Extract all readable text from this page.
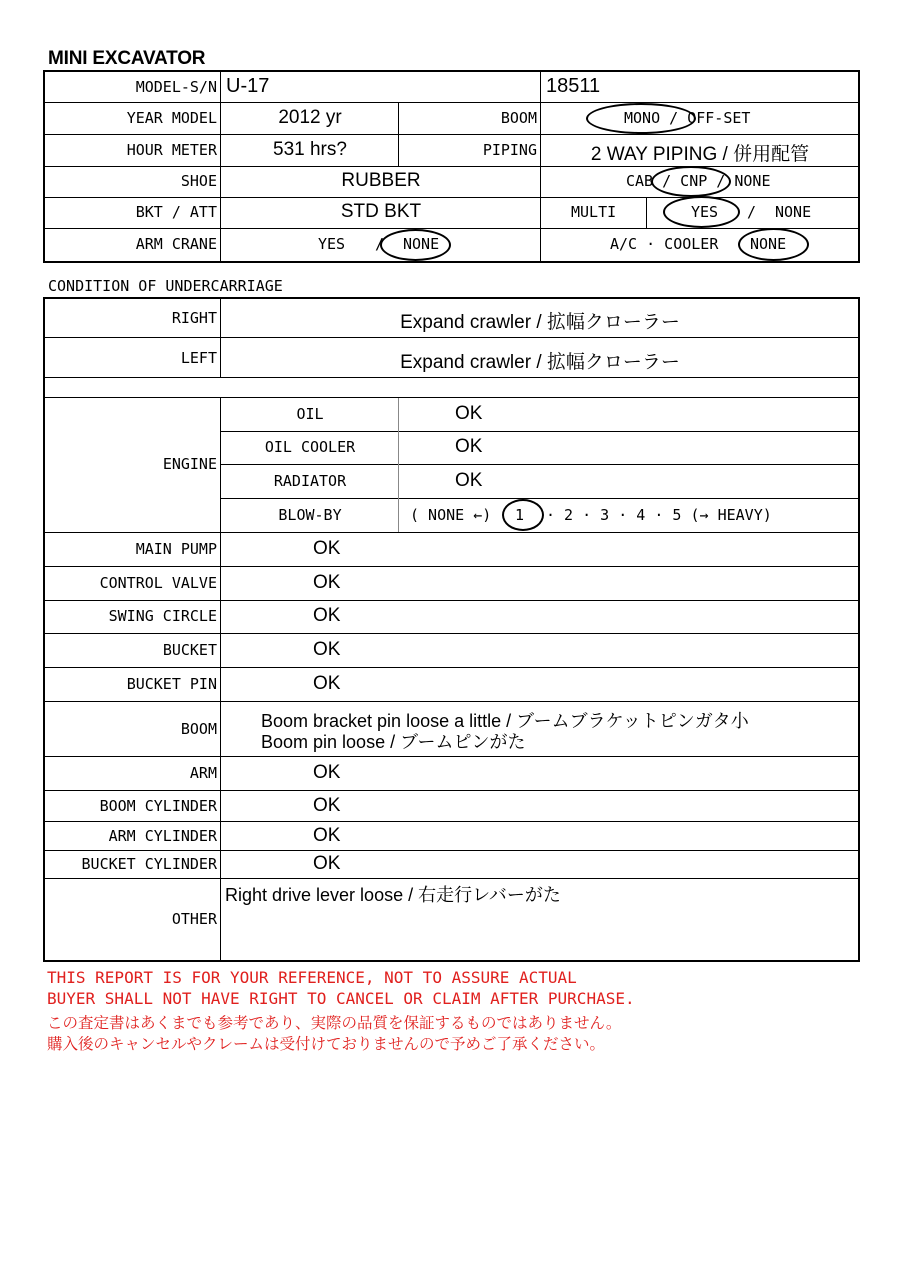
MINI EXCAVATOR
MODEL-S/N U-17	18511
YEAR MODEL	2012 yr	BOOM	MONO / OFF-SET
HOUR METER	531 hrs?	PIPING	2 WAY PIPING / 併用配管
SHOE	RUBBER	CAB / CNP / NONE
BKT / ATT	STD BKT	MULTI	YES / NONE
ARM CRANE	YES / NONE	A/C · COOLER NONE
CONDITION OF UNDERCARRIAGE
RIGHT	Expand crawler / 拡幅クローラー
LEFT	Expand crawler / 拡幅クローラー
ENGINE
OIL	OK
OIL COOLER	OK
RADIATOR	OK
BLOW-BY	( NONE ←) 1 · 2 · 3 · 4 · 5 (→ HEAVY)
MAIN PUMP	OK
CONTROL VALVE	OK
SWING CIRCLE	OK
BUCKET	OK
BUCKET PIN	OK
BOOM Boom bracket pin loose a little / ブームブラケットピンガタ小
Boom pin loose / ブームピンがた
ARM	OK
BOOM CYLINDER	OK
ARM CYLINDER	OK
BUCKET CYLINDER	OK
OTHER
Right drive lever loose / 右走行レバーがた
THIS REPORT IS FOR YOUR REFERENCE, NOT TO ASSURE ACTUAL
BUYER SHALL NOT HAVE RIGHT TO CANCEL OR CLAIM AFTER PURCHASE.
この査定書はあくまでも参考であり、実際の品質を保証するものではありません。
購入後のキャンセルやクレームは受付けておりませんので予めご了承ください。
